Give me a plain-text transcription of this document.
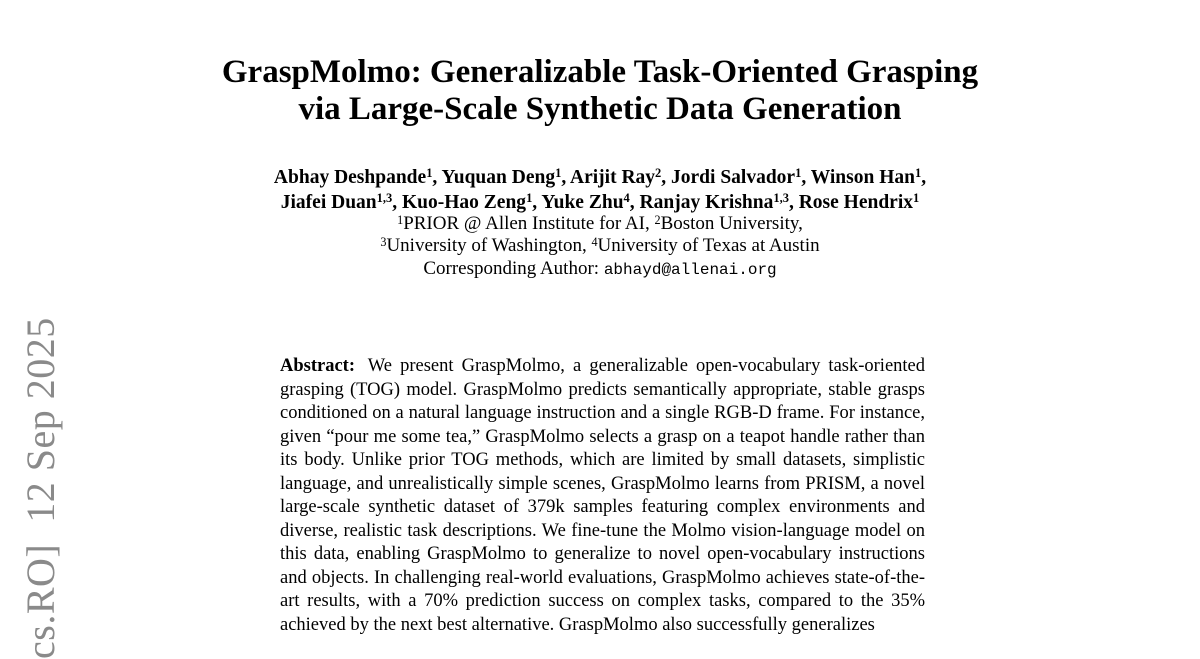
cs.RO]  12 Sep 2025
GraspMolmo: Generalizable Task-Oriented Grasping
via Large-Scale Synthetic Data Generation
Abhay Deshpande$^1$, Yuquan Deng$^1$, Arijit Ray$^2$, Jordi Salvador$^1$, Winson Han$^1$,
Jiafei Duan$^{1,3}$, Kuo-Hao Zeng$^1$, Yuke Zhu$^4$, Ranjay Krishna$^{1,3}$, Rose Hendrix$^1$
$^1$PRIOR @ Allen Institute for AI, $^2$Boston University,
$^3$University of Washington, $^4$University of Texas at Austin
Corresponding Author: abhayd@allenai.org
Abstract: We present GraspMolmo, a generalizable open-vocabulary task-oriented grasping (TOG) model. GraspMolmo predicts semantically appropriate, stable grasps conditioned on a natural language instruction and a single RGB-D frame. For instance, given “pour me some tea,” GraspMolmo selects a grasp on a teapot handle rather than its body. Unlike prior TOG methods, which are limited by small datasets, simplistic language, and unrealistically simple scenes, GraspMolmo learns from PRISM, a novel large-scale synthetic dataset of 379k samples featuring complex environments and diverse, realistic task descriptions. We fine-tune the Molmo vision-language model on this data, enabling GraspMolmo to generalize to novel open-vocabulary instructions and objects. In challenging real-world evaluations, GraspMolmo achieves state-of-the-art results, with a 70% prediction success on complex tasks, compared to the 35% achieved by the next best alternative. GraspMolmo also successfully generalizes
